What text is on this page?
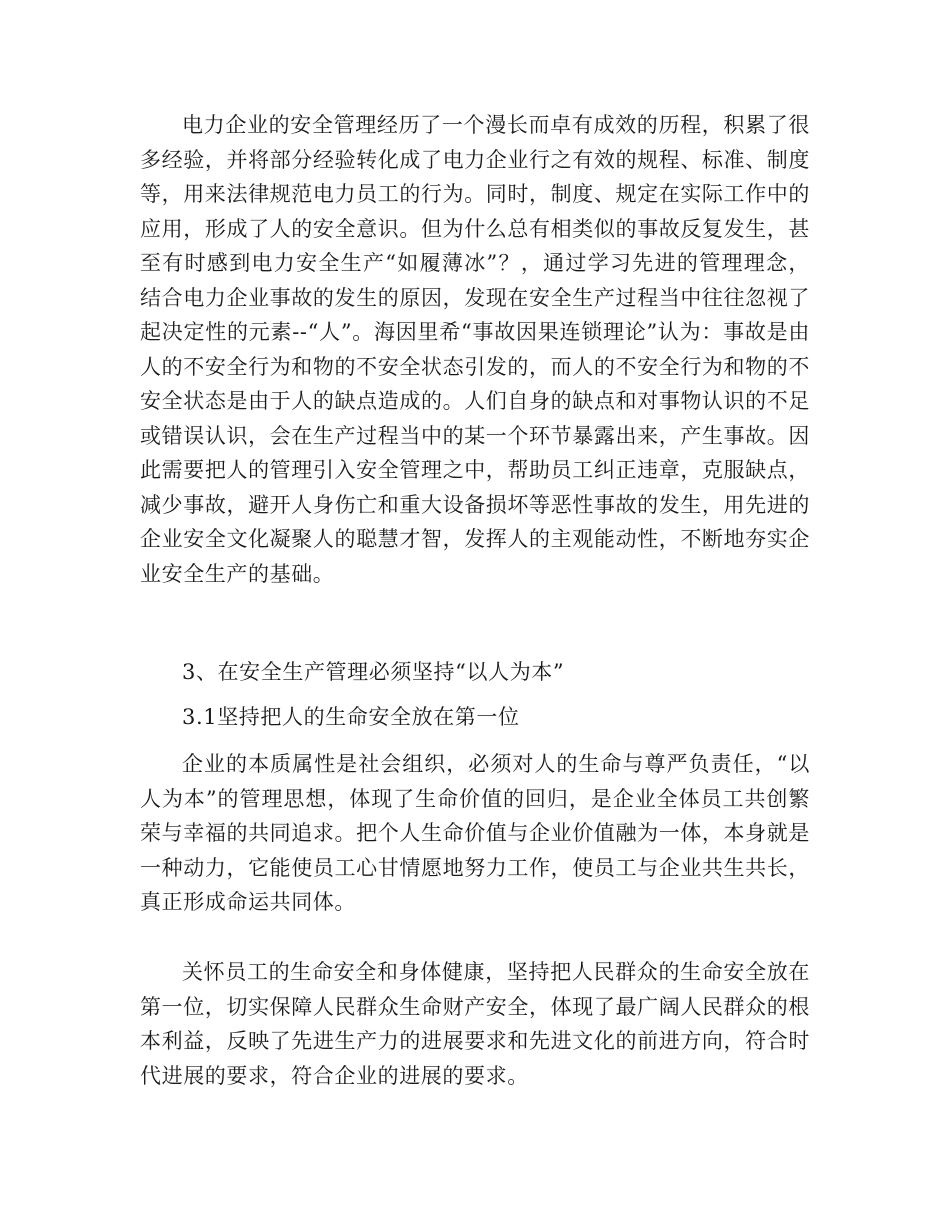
电力企业的安全管理经历了一个漫长而卓有成效的历程，积累了很多经验，并将部分经验转化成了电力企业行之有效的规程、标准、制度等，用来法律规范电力员工的行为。同时，制度、规定在实际工作中的应用，形成了人的安全意识。但为什么总有相类似的事故反复发生，甚至有时感到电力安全生产“如履薄冰”？，通过学习先进的管理理念，结合电力企业事故的发生的原因，发现在安全生产过程当中往往忽视了起决定性的元素--“人”。海因里希“事故因果连锁理论”认为：事故是由人的不安全行为和物的不安全状态引发的，而人的不安全行为和物的不安全状态是由于人的缺点造成的。人们自身的缺点和对事物认识的不足或错误认识，会在生产过程当中的某一个环节暴露出来，产生事故。因此需要把人的管理引入安全管理之中，帮助员工纠正违章，克服缺点，减少事故，避开人身伤亡和重大设备损坏等恶性事故的发生，用先进的企业安全文化凝聚人的聪慧才智，发挥人的主观能动性，不断地夯实企业安全生产的基础。

3、在安全生产管理必须坚持“以人为本”

3.1坚持把人的生命安全放在第一位

企业的本质属性是社会组织，必须对人的生命与尊严负责任，“以人为本”的管理思想，体现了生命价值的回归，是企业全体员工共创繁荣与幸福的共同追求。把个人生命价值与企业价值融为一体，本身就是一种动力，它能使员工心甘情愿地努力工作，使员工与企业共生共长，真正形成命运共同体。

关怀员工的生命安全和身体健康，坚持把人民群众的生命安全放在第一位，切实保障人民群众生命财产安全，体现了最广阔人民群众的根本利益，反映了先进生产力的进展要求和先进文化的前进方向，符合时代进展的要求，符合企业的进展的要求。
